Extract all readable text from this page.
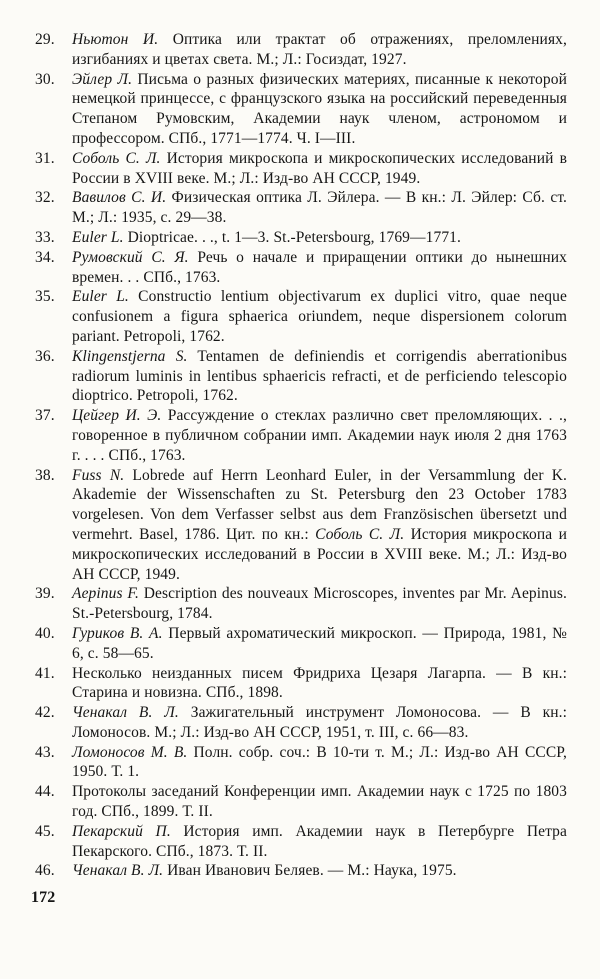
29. Ньютон И. Оптика или трактат об отражениях, преломлениях, изгибаниях и цветах света. М.; Л.: Госиздат, 1927.

30. Эйлер Л. Письма о разных физических материях, писанные к некоторой немецкой принцессе, с французского языка на российский переведенныя Степаном Румовским, Академии наук членом, астрономом и профессором. СПб., 1771—1774. Ч. I—III.

31. Соболь С. Л. История микроскопа и микроскопических исследований в России в XVIII веке. М.; Л.: Изд-во АН СССР, 1949.

32. Вавилов С. И. Физическая оптика Л. Эйлера. — В кн.: Л. Эйлер: Сб. ст. М.; Л.: 1935, с. 29—38.

33. Euler L. Dioptricae. . ., t. 1—3. St.-Petersbourg, 1769—1771.

34. Румовский С. Я. Речь о начале и приращении оптики до нынешних времен. . . СПб., 1763.

35. Euler L. Constructio lentium objectivarum ex duplici vitro, quae neque confusionem a figura sphaerica oriundem, neque dispersionem colorum pariant. Petropoli, 1762.

36. Klingenstjerna S. Tentamen de definiendis et corrigendis aberrationibus radiorum luminis in lentibus sphaericis refracti, et de perficiendo telescopio dioptrico. Petropoli, 1762.

37. Цейгер И. Э. Рассуждение о стеклах различно свет преломляющих. . ., говоренное в публичном собрании имп. Академии наук июля 2 дня 1763 г. . . . СПб., 1763.

38. Fuss N. Lobrede auf Herrn Leonhard Euler, in der Versammlung der K. Akademie der Wissenschaften zu St. Petersburg den 23 October 1783 vorgelesen. Von dem Verfasser selbst aus dem Französischen übersetzt und vermehrt. Basel, 1786. Цит. по кн.: Соболь С. Л. История микроскопа и микроскопических исследований в России в XVIII веке. М.; Л.: Изд-во АН СССР, 1949.

39. Aepinus F. Description des nouveaux Microscopes, inventes par Mr. Aepinus. St.-Petersbourg, 1784.

40. Гуриков В. А. Первый ахроматический микроскоп. — Природа, 1981, № 6, с. 58—65.

41. Несколько неизданных писем Фридриха Цезаря Лагарпа. — В кн.: Старина и новизна. СПб., 1898.

42. Ченакал В. Л. Зажигательный инструмент Ломоносова. — В кн.: Ломоносов. М.; Л.: Изд-во АН СССР, 1951, т. III, с. 66—83.

43. Ломоносов М. В. Полн. собр. соч.: В 10-ти т. М.; Л.: Изд-во АН СССР, 1950. Т. 1.

44. Протоколы заседаний Конференции имп. Академии наук с 1725 по 1803 год. СПб., 1899. Т. II.

45. Пекарский П. История имп. Академии наук в Петербурге Петра Пекарского. СПб., 1873. Т. II.

46. Ченакал В. Л. Иван Иванович Беляев. — М.: Наука, 1975.

172
